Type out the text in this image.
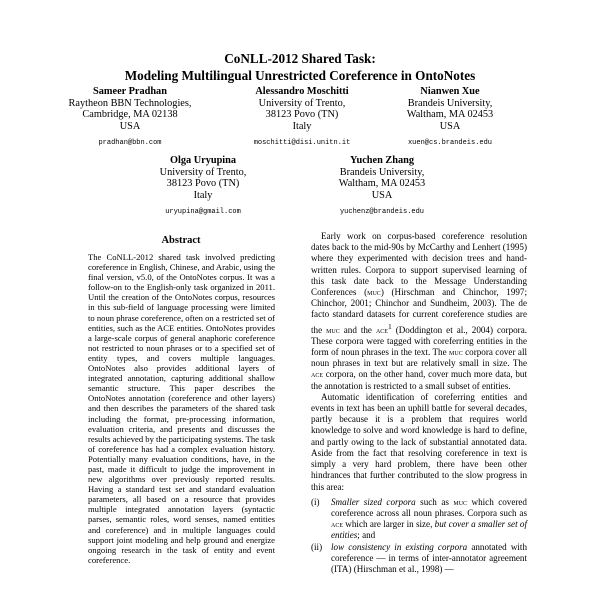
CoNLL-2012 Shared Task:
Modeling Multilingual Unrestricted Coreference in OntoNotes
Sameer Pradhan
Raytheon BBN Technologies,
Cambridge, MA 02138
USA
pradhan@bbn.com
Alessandro Moschitti
University of Trento,
38123 Povo (TN)
Italy
moschitti@disi.unitn.it
Nianwen Xue
Brandeis University,
Waltham, MA 02453
USA
xuen@cs.brandeis.edu
Olga Uryupina
University of Trento,
38123 Povo (TN)
Italy
uryupina@gmail.com
Yuchen Zhang
Brandeis University,
Waltham, MA 02453
USA
yuchenz@brandeis.edu
Abstract
The CoNLL-2012 shared task involved predicting coreference in English, Chinese, and Arabic, using the final version, v5.0, of the OntoNotes corpus. It was a follow-on to the English-only task organized in 2011. Until the creation of the OntoNotes corpus, resources in this sub-field of language processing were limited to noun phrase coreference, often on a restricted set of entities, such as the ACE entities. OntoNotes provides a large-scale corpus of general anaphoric coreference not restricted to noun phrases or to a specified set of entity types, and covers multiple languages. OntoNotes also provides additional layers of integrated annotation, capturing additional shallow semantic structure. This paper describes the OntoNotes annotation (coreference and other layers) and then describes the parameters of the shared task including the format, pre-processing information, evaluation criteria, and presents and discusses the results achieved by the participating systems. The task of coreference has had a complex evaluation history. Potentially many evaluation conditions, have, in the past, made it difficult to judge the improvement in new algorithms over previously reported results. Having a standard test set and standard evaluation parameters, all based on a resource that provides multiple integrated annotation layers (syntactic parses, semantic roles, word senses, named entities and coreference) and in multiple languages could support joint modeling and help ground and energize ongoing research in the task of entity and event coreference.

Early work on corpus-based coreference resolution dates back to the mid-90s by McCarthy and Lenhert (1995) where they experimented with decision trees and hand-written rules. Corpora to support supervised learning of this task date back to the Message Understanding Conferences (muc) (Hirschman and Chinchor, 1997; Chinchor, 2001; Chinchor and Sundheim, 2003). The de facto standard datasets for current coreference studies are the muc and the ace$^1$ (Doddington et al., 2004) corpora. These corpora were tagged with coreferring entities in the form of noun phrases in the text. The muc corpora cover all noun phrases in text but are relatively small in size. The ace corpora, on the other hand, cover much more data, but the annotation is restricted to a small subset of entities.

Automatic identification of coreferring entities and events in text has been an uphill battle for several decades, partly because it is a problem that requires world knowledge to solve and word knowledge is hard to define, and partly owing to the lack of substantial annotated data. Aside from the fact that resolving coreference in text is simply a very hard problem, there have been other hindrances that further contributed to the slow progress in this area:

(i) Smaller sized corpora such as muc which covered coreference across all noun phrases. Corpora such as ace which are larger in size, but cover a smaller set of entities; and
(ii) low consistency in existing corpora annotated with coreference — in terms of inter-annotator agreement (ITA) (Hirschman et al., 1998) —
